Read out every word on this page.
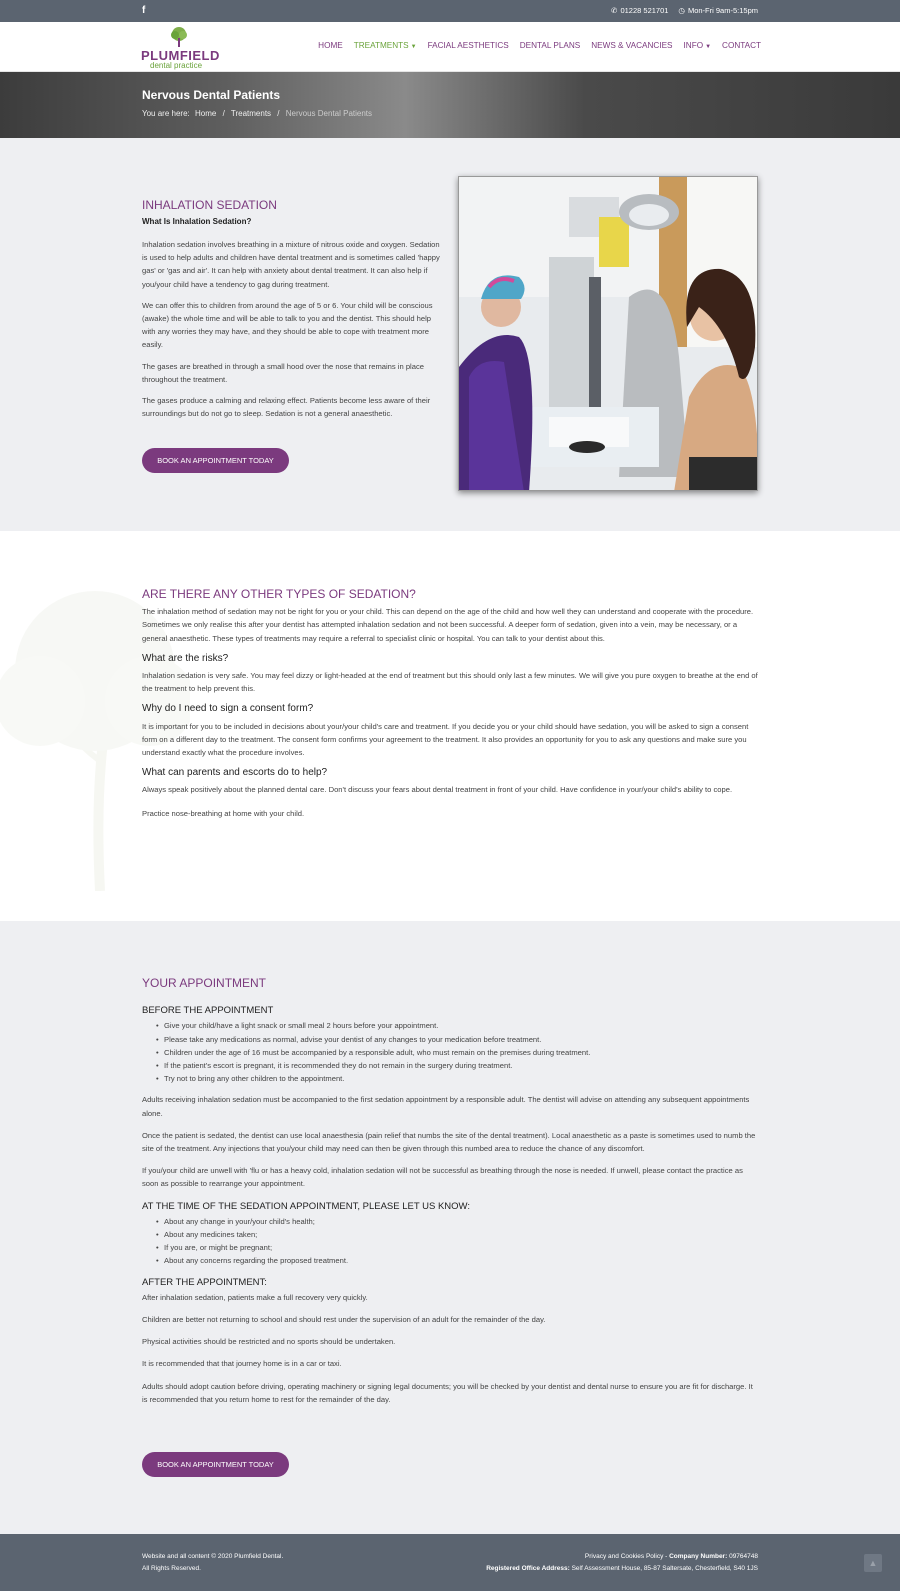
f	✆ 01228 521701 ◷ Mon-Fri 9am-5:15pm
PLUMFIELD
dental practice
HOME TREATMENTS ▼ FACIAL AESTHETICS DENTAL PLANS NEWS & VACANCIES INFO ▼ CONTACT
Nervous Dental Patients
You are here: Home / Treatments / Nervous Dental Patients
INHALATION SEDATION
What Is Inhalation Sedation?

Inhalation sedation involves breathing in a mixture of nitrous oxide and oxygen. Sedation is used to help adults and children have dental treatment and is sometimes called 'happy gas' or 'gas and air'. It can help with anxiety about dental treatment. It can also help if you/your child have a tendency to gag during treatment.

We can offer this to children from around the age of 5 or 6. Your child will be conscious (awake) the whole time and will be able to talk to you and the dentist. This should help with any worries they may have, and they should be able to cope with treatment more easily.

The gases are breathed in through a small hood over the nose that remains in place throughout the treatment.

The gases produce a calming and relaxing effect. Patients become less aware of their surroundings but do not go to sleep. Sedation is not a general anaesthetic.

BOOK AN APPOINTMENT TODAY
ARE THERE ANY OTHER TYPES OF SEDATION?

The inhalation method of sedation may not be right for you or your child. This can depend on the age of the child and how well they can understand and cooperate with the procedure. Sometimes we only realise this after your dentist has attempted inhalation sedation and not been successful. A deeper form of sedation, given into a vein, may be necessary, or a general anaesthetic. These types of treatments may require a referral to specialist clinic or hospital. You can talk to your dentist about this.

What are the risks?

Inhalation sedation is very safe. You may feel dizzy or light-headed at the end of treatment but this should only last a few minutes. We will give you pure oxygen to breathe at the end of the treatment to help prevent this.

Why do I need to sign a consent form?

It is important for you to be included in decisions about your/your child's care and treatment. If you decide you or your child should have sedation, you will be asked to sign a consent form on a different day to the treatment. The consent form confirms your agreement to the treatment. It also provides an opportunity for you to ask any questions and make sure you understand exactly what the procedure involves.

What can parents and escorts do to help?

Always speak positively about the planned dental care. Don't discuss your fears about dental treatment in front of your child. Have confidence in your/your child's ability to cope.

Practice nose-breathing at home with your child.

YOUR APPOINTMENT
BEFORE THE APPOINTMENT
• Give your child/have a light snack or small meal 2 hours before your appointment.
• Please take any medications as normal, advise your dentist of any changes to your medication before treatment.
• Children under the age of 16 must be accompanied by a responsible adult, who must remain on the premises during treatment.
• If the patient's escort is pregnant, it is recommended they do not remain in the surgery during treatment.
• Try not to bring any other children to the appointment.

Adults receiving inhalation sedation must be accompanied to the first sedation appointment by a responsible adult. The dentist will advise on attending any subsequent appointments alone.

Once the patient is sedated, the dentist can use local anaesthesia (pain relief that numbs the site of the dental treatment). Local anaesthetic as a paste is sometimes used to numb the site of the treatment. Any injections that you/your child may need can then be given through this numbed area to reduce the chance of any discomfort.

If you/your child are unwell with 'flu or has a heavy cold, inhalation sedation will not be successful as breathing through the nose is needed. If unwell, please contact the practice as soon as possible to rearrange your appointment.

AT THE TIME OF THE SEDATION APPOINTMENT, PLEASE LET US KNOW:
• About any change in your/your child's health;
• About any medicines taken;
• If you are, or might be pregnant;
• About any concerns regarding the proposed treatment.
AFTER THE APPOINTMENT:

After inhalation sedation, patients make a full recovery very quickly.

Children are better not returning to school and should rest under the supervision of an adult for the remainder of the day.

Physical activities should be restricted and no sports should be undertaken.

It is recommended that that journey home is in a car or taxi.

Adults should adopt caution before driving, operating machinery or signing legal documents; you will be checked by your dentist and dental nurse to ensure you are fit for discharge. It is recommended that you return home to rest for the remainder of the day.

BOOK AN APPOINTMENT TODAY
Website and all content © 2020 Plumfield Dental.
All Rights Reserved.
Privacy and Cookies Policy - Company Number: 09764748
Registered Office Address: Self Assessment House, 85-87 Saltersate, Chesterfield, S40 1JS
▲
